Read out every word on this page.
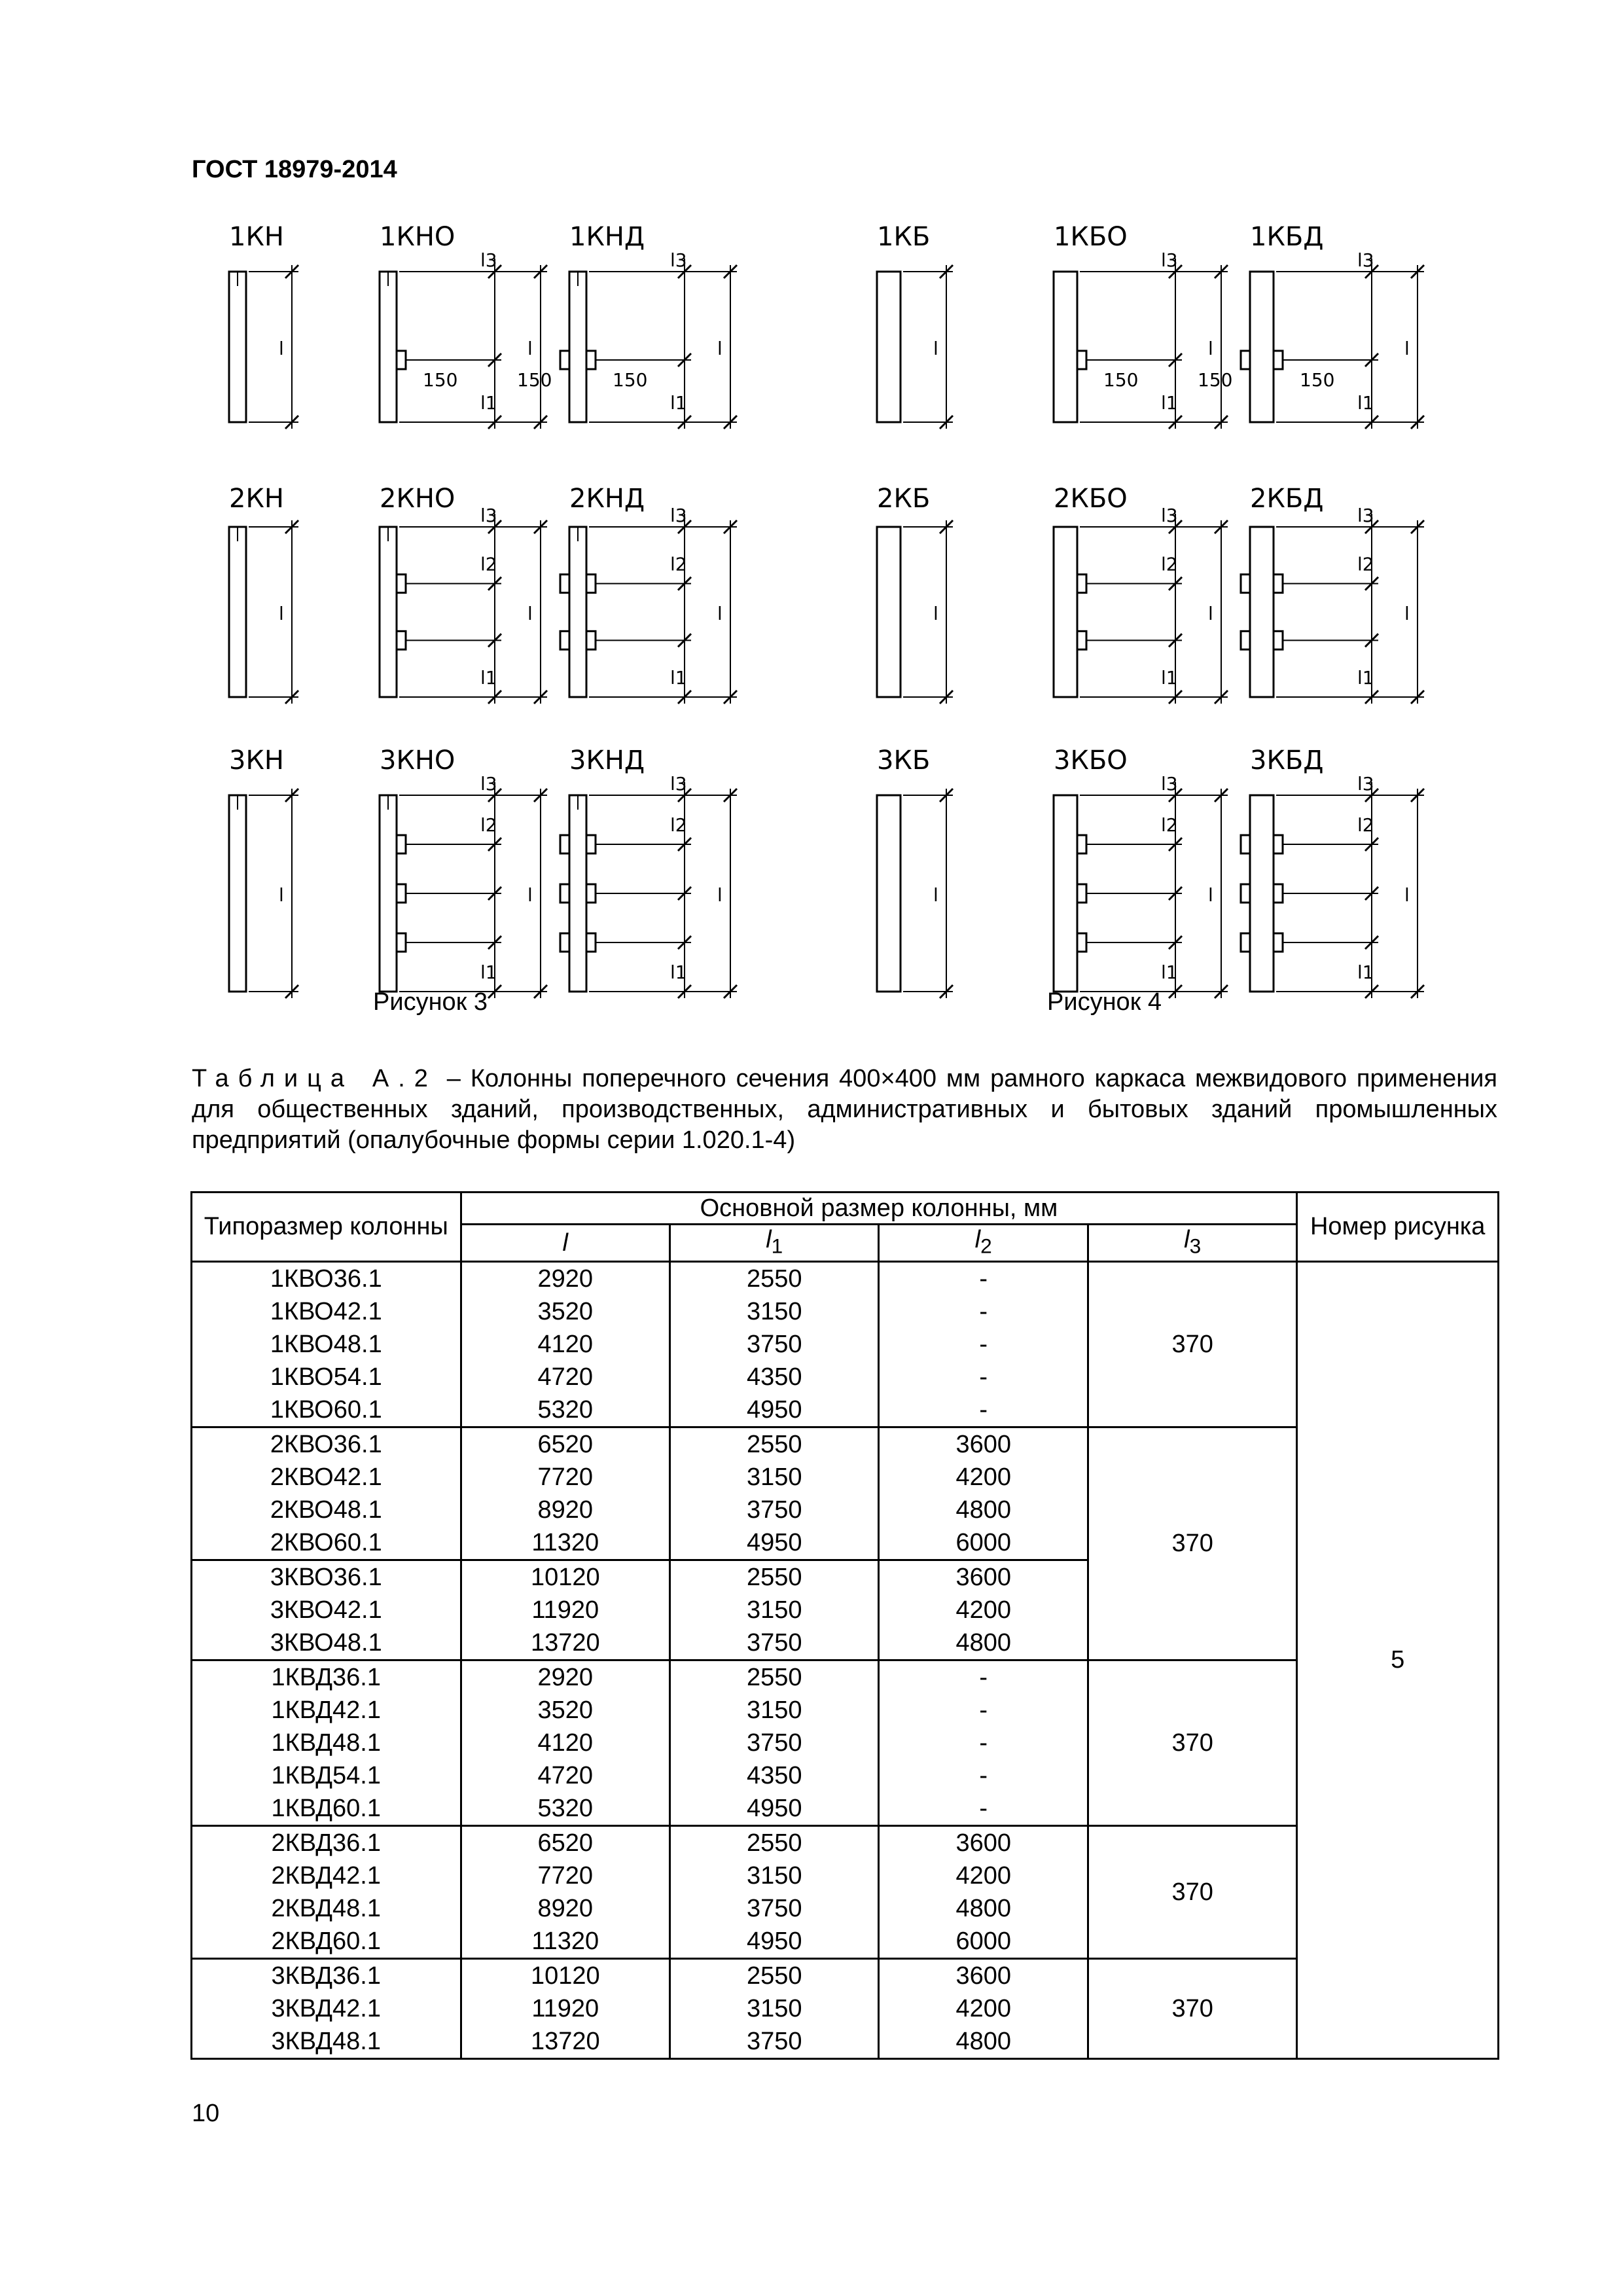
ГОСТ 18979-2014
1КН
l
1КНО
l
l3
l1
150
1КНД
l
l3
l1
150
150
1КБ
l
1КБО
l
l3
l1
150
1КБД
l
l3
l1
150
150
2КН
l
2КНО
l
l3
l1
l2
2КНД
l
l3
l1
l2
2КБ
l
2КБО
l
l3
l1
l2
2КБД
l
l3
l1
l2
3КН
l
3КНО
l
l3
l1
l2
3КНД
l
l3
l1
l2
3КБ
l
3КБО
l
l3
l1
l2
3КБД
l
l3
l1
l2
Рисунок 3	Рисунок 4
Таблица А.2 – Колонны поперечного сечения 400×400 мм рамного каркаса межвидового применения для общественных зданий, производственных, административных и бытовых зданий промышленных предприятий (опалубочные формы серии 1.020.1-4)
Типоразмер колонны	Основной размер колонны, мм				Номер рисунка
	l	$l_1$	$l_2$	$l_3$
1КВО36.1	2920	2550	-	370	5
1КВО42.1	3520	3150	-		
1КВО48.1	4120	3750	-		
1КВО54.1	4720	4350	-		
1КВО60.1	5320	4950	-		
2КВО36.1	6520	2550	3600	370	
2КВО42.1	7720	3150	4200		
2КВО48.1	8920	3750	4800		
2КВО60.1	11320	4950	6000		
3КВО36.1	10120	2550	3600		
3КВО42.1	11920	3150	4200		
3КВО48.1	13720	3750	4800		
1КВД36.1	2920	2550	-	370	
1КВД42.1	3520	3150	-		
1КВД48.1	4120	3750	-		
1КВД54.1	4720	4350	-		
1КВД60.1	5320	4950	-		
2КВД36.1	6520	2550	3600	370	
2КВД42.1	7720	3150	4200		
2КВД48.1	8920	3750	4800		
2КВД60.1	11320	4950	6000		
3КВД36.1	10120	2550	3600	370	
3КВД42.1	11920	3150	4200		
3КВД48.1	13720	3750	4800		
10
